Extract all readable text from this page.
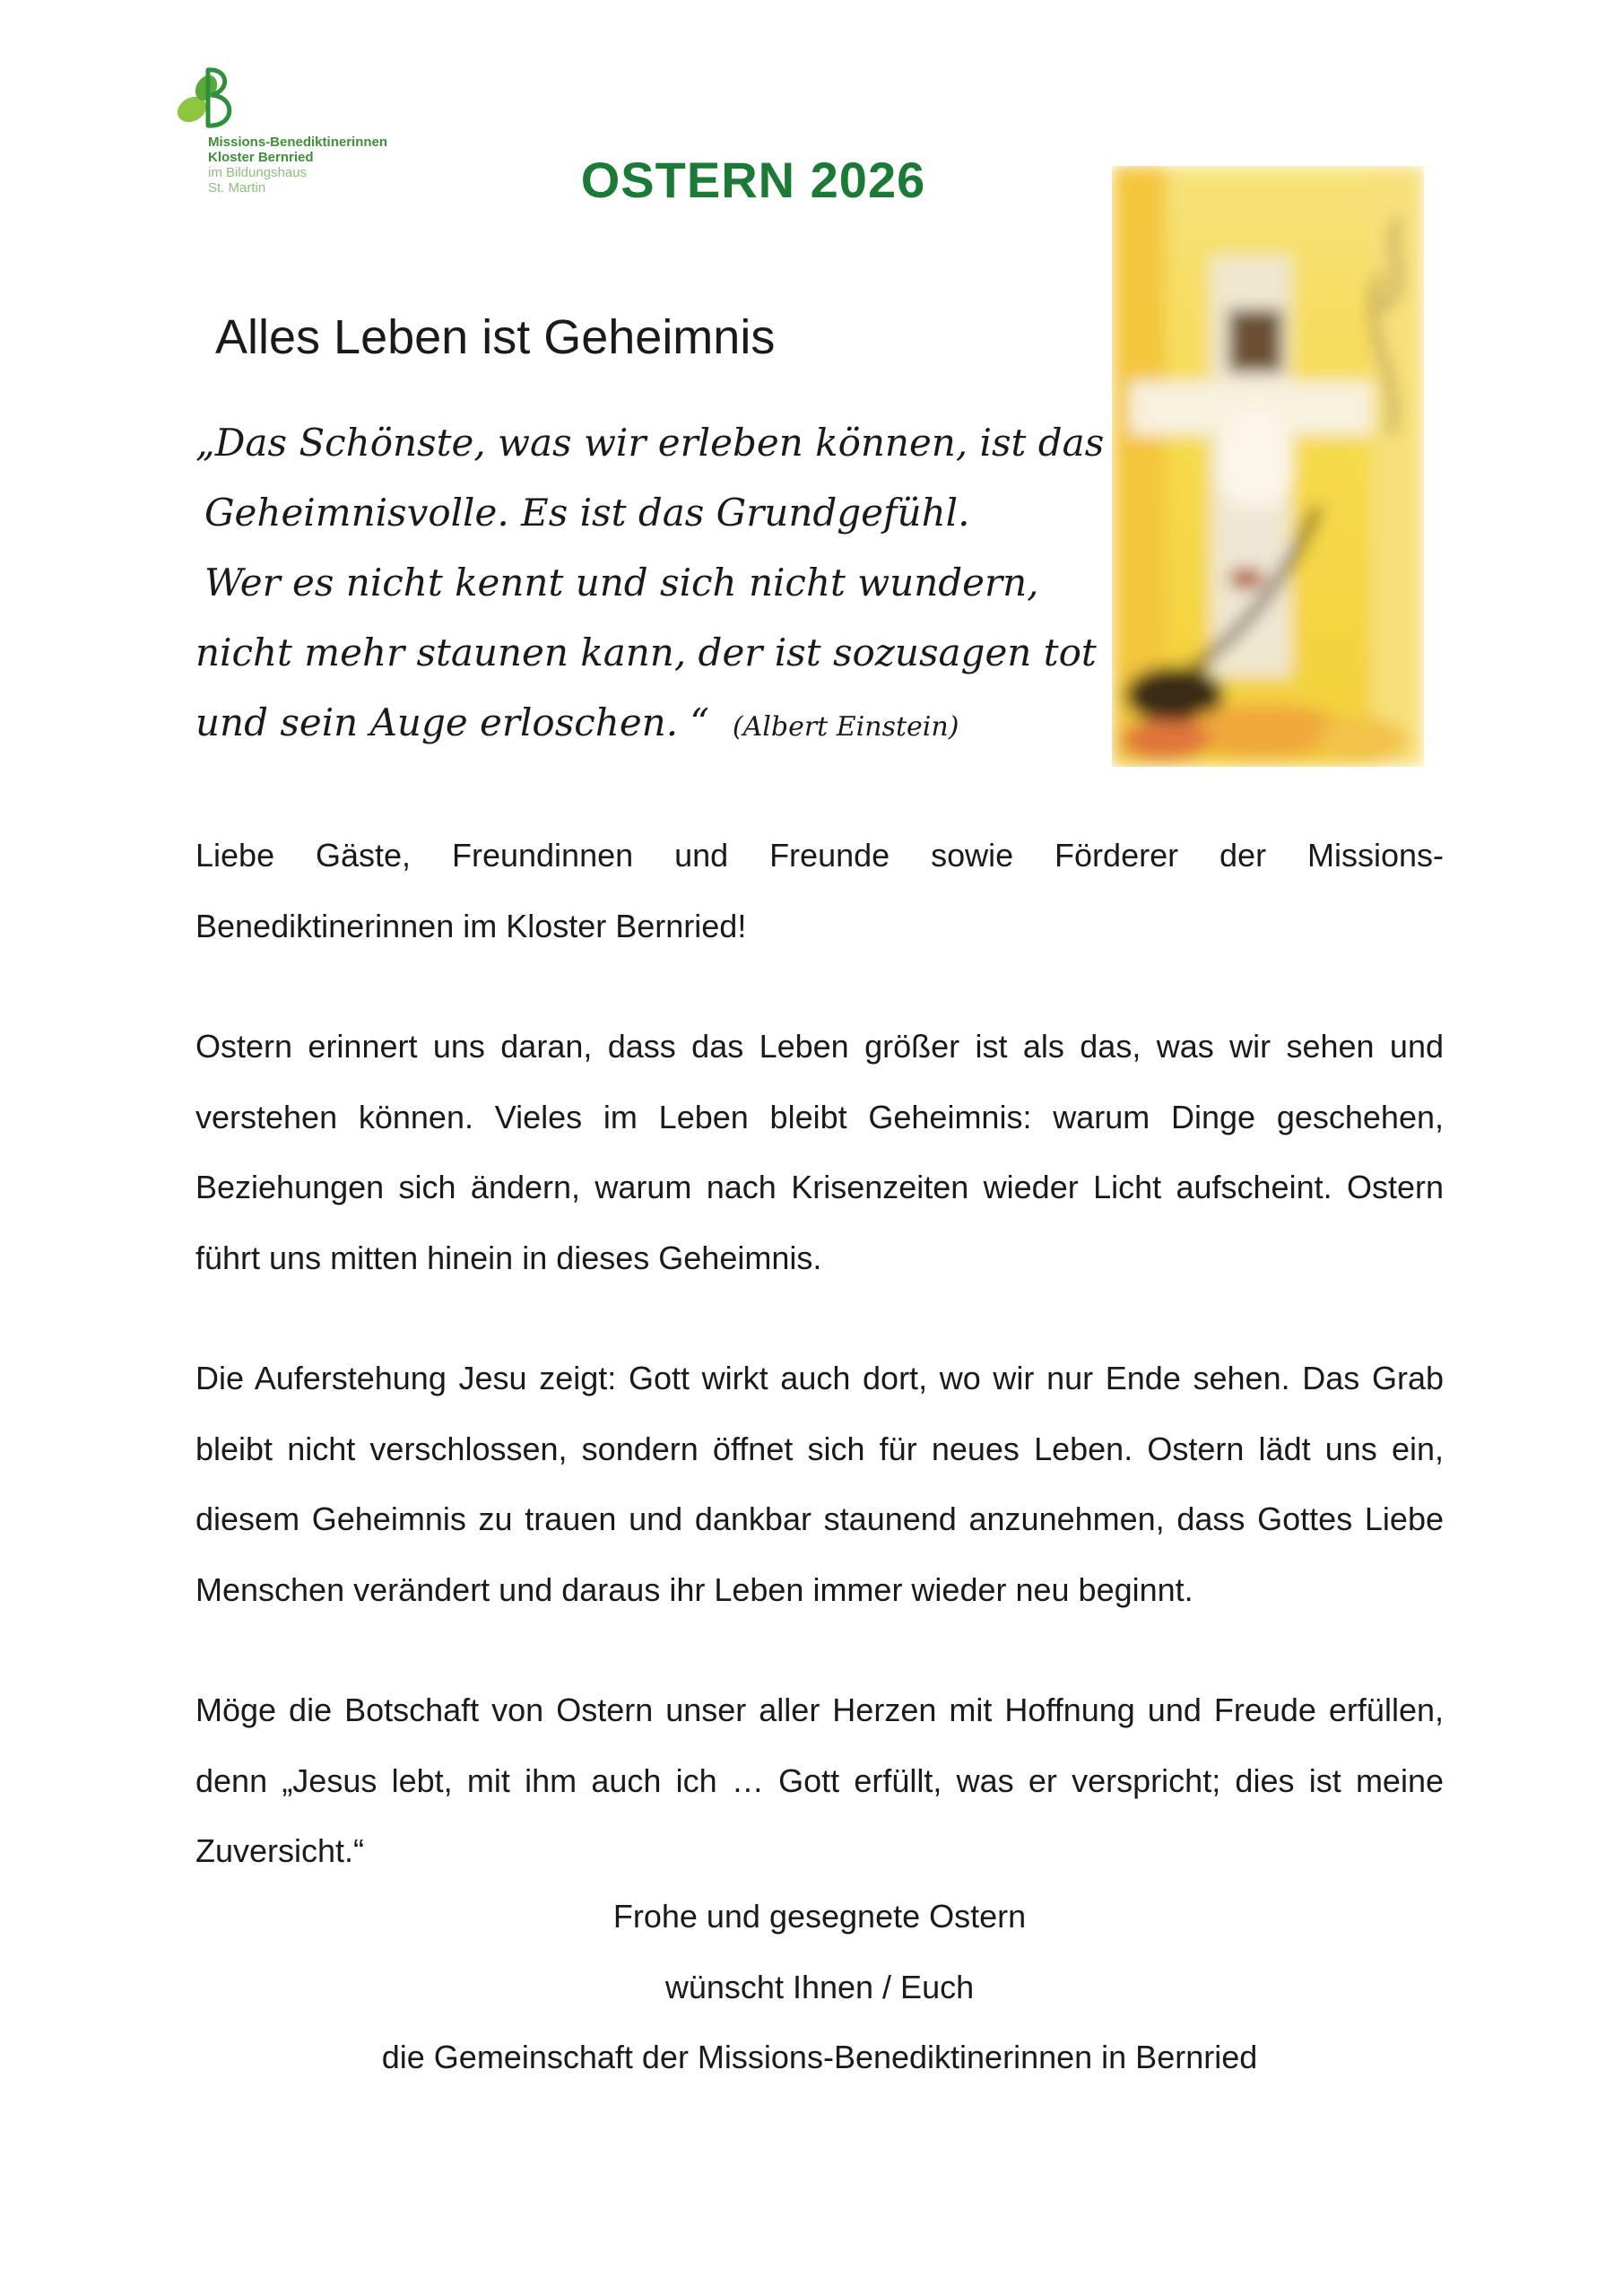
Missions-Benediktinerinnen
Kloster Bernried
im Bildungshaus
St. Martin	OSTERN 2026
Alles Leben ist Geheimnis
„Das Schönste, was wir erleben können, ist das
Geheimnisvolle. Es ist das Grundgefühl.
Wer es nicht kennt und sich nicht wundern,
nicht mehr staunen kann, der ist sozusagen tot
und sein Auge erloschen. “ (Albert Einstein)

Liebe Gäste, Freundinnen und Freunde sowie Förderer der Missions-Benediktinerinnen im Kloster Bernried!

Ostern erinnert uns daran, dass das Leben größer ist als das, was wir sehen und verstehen können. Vieles im Leben bleibt Geheimnis: warum Dinge geschehen, Beziehungen sich ändern, warum nach Krisenzeiten wieder Licht aufscheint. Ostern führt uns mitten hinein in dieses Geheimnis.

Die Auferstehung Jesu zeigt: Gott wirkt auch dort, wo wir nur Ende sehen. Das Grab bleibt nicht verschlossen, sondern öffnet sich für neues Leben. Ostern lädt uns ein, diesem Geheimnis zu trauen und dankbar staunend anzunehmen, dass Gottes Liebe Menschen verändert und daraus ihr Leben immer wieder neu beginnt.

Möge die Botschaft von Ostern unser aller Herzen mit Hoffnung und Freude erfüllen, denn „Jesus lebt, mit ihm auch ich … Gott erfüllt, was er verspricht; dies ist meine Zuversicht.“

Frohe und gesegnete Ostern
wünscht Ihnen / Euch
die Gemeinschaft der Missions-Benediktinerinnen in Bernried
